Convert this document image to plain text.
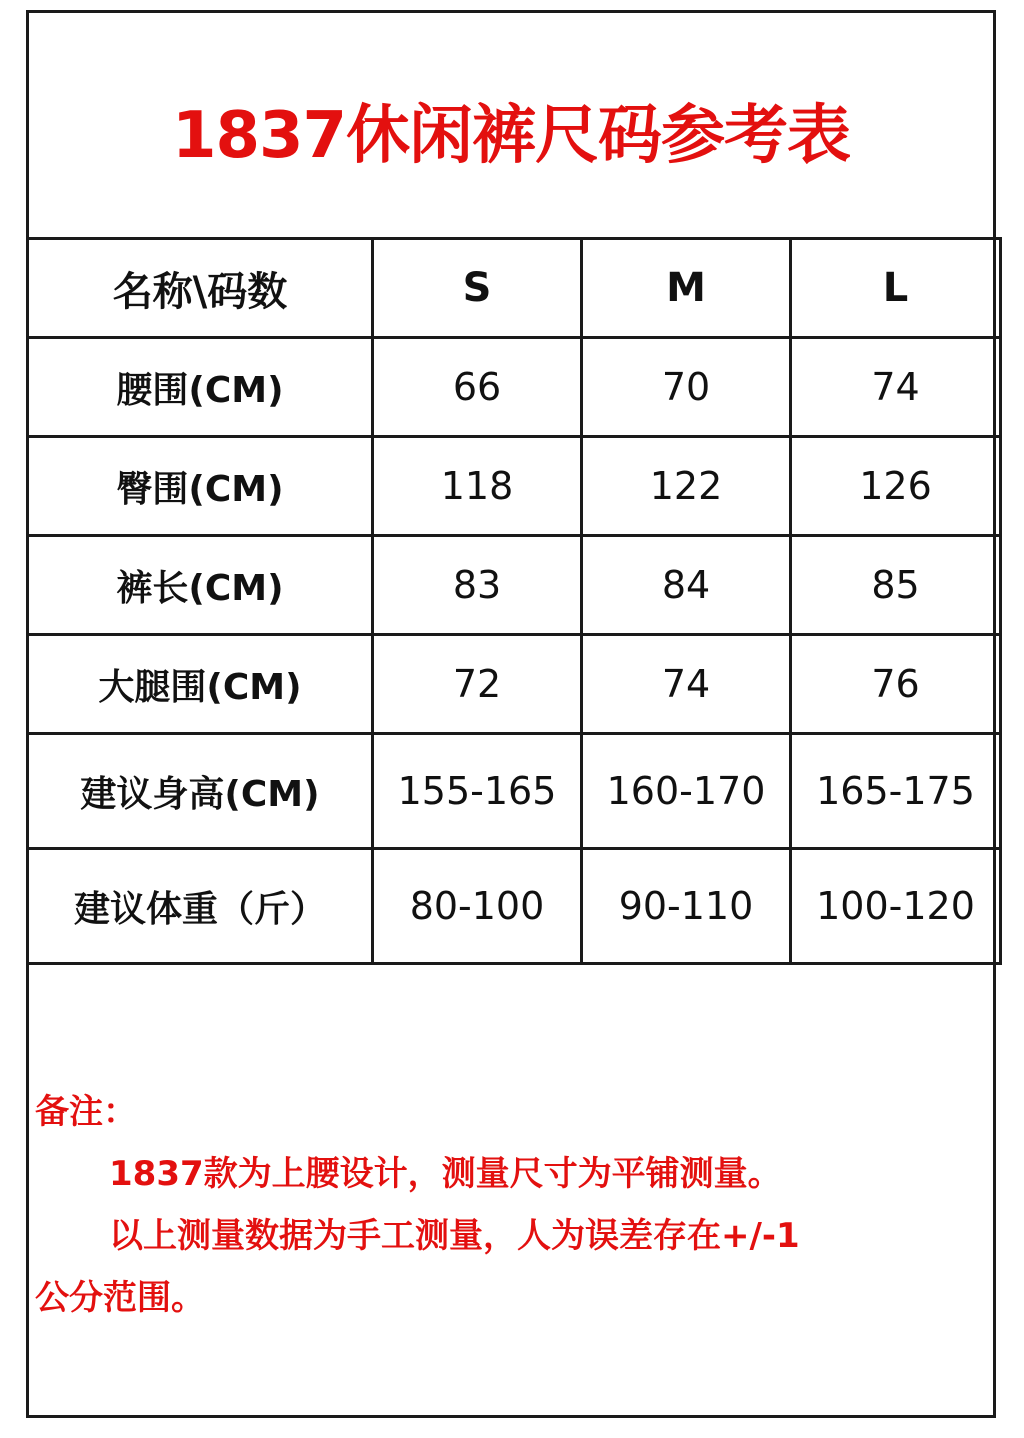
1837休闲裤尺码参考表
名称\码数	S	M	L
腰围(CM)	66	70	74
臀围(CM)	118	122	126
裤长(CM)	83	84	85
大腿围(CM)	72	74	76
建议身高(CM)	155-165	160-170	165-175
建议体重（斤）	80-100	90-110	100-120
备注：
1837款为上腰设计，测量尺寸为平铺测量。
以上测量数据为手工测量，人为误差存在+/-1
公分范围。
